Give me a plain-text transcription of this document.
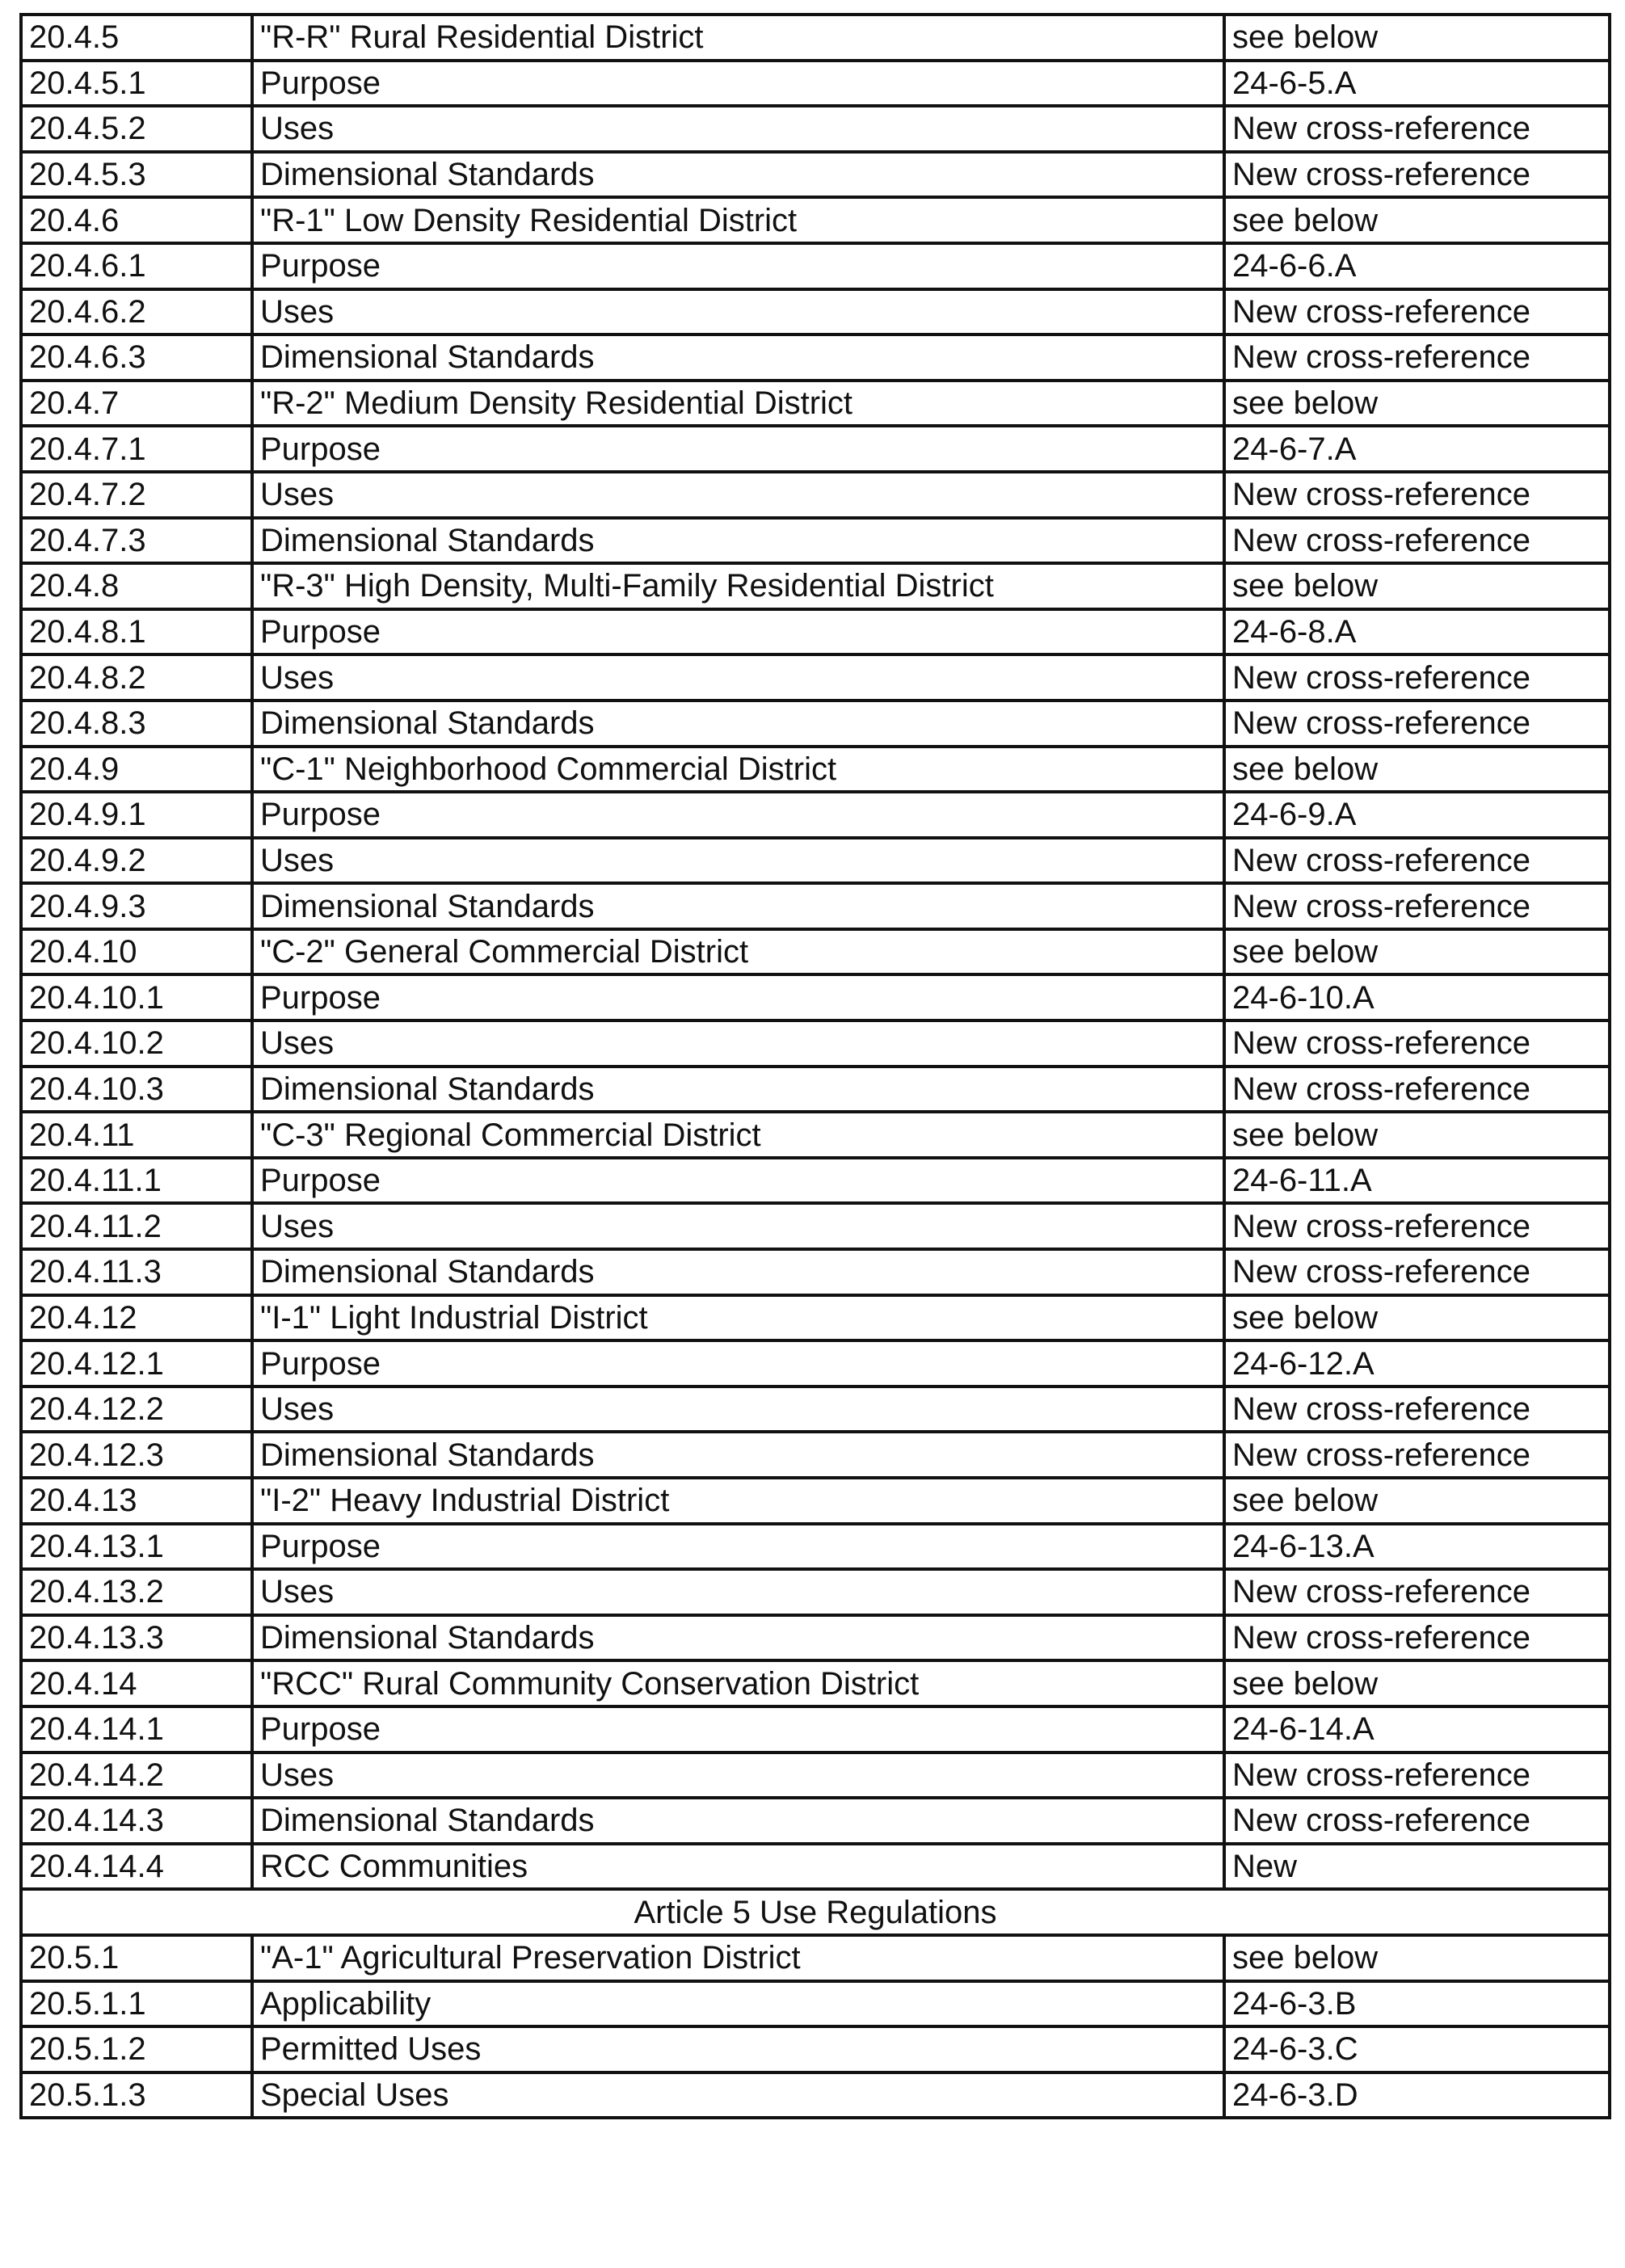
20.4.5	"R-R" Rural Residential District	see below
20.4.5.1	Purpose	24-6-5.A
20.4.5.2	Uses	New cross-reference
20.4.5.3	Dimensional Standards	New cross-reference
20.4.6	"R-1" Low Density Residential District	see below
20.4.6.1	Purpose	24-6-6.A
20.4.6.2	Uses	New cross-reference
20.4.6.3	Dimensional Standards	New cross-reference
20.4.7	"R-2" Medium Density Residential District	see below
20.4.7.1	Purpose	24-6-7.A
20.4.7.2	Uses	New cross-reference
20.4.7.3	Dimensional Standards	New cross-reference
20.4.8	"R-3" High Density, Multi-Family Residential District	see below
20.4.8.1	Purpose	24-6-8.A
20.4.8.2	Uses	New cross-reference
20.4.8.3	Dimensional Standards	New cross-reference
20.4.9	"C-1" Neighborhood Commercial District	see below
20.4.9.1	Purpose	24-6-9.A
20.4.9.2	Uses	New cross-reference
20.4.9.3	Dimensional Standards	New cross-reference
20.4.10	"C-2" General Commercial District	see below
20.4.10.1	Purpose	24-6-10.A
20.4.10.2	Uses	New cross-reference
20.4.10.3	Dimensional Standards	New cross-reference
20.4.11	"C-3" Regional Commercial District	see below
20.4.11.1	Purpose	24-6-11.A
20.4.11.2	Uses	New cross-reference
20.4.11.3	Dimensional Standards	New cross-reference
20.4.12	"I-1" Light Industrial District	see below
20.4.12.1	Purpose	24-6-12.A
20.4.12.2	Uses	New cross-reference
20.4.12.3	Dimensional Standards	New cross-reference
20.4.13	"I-2" Heavy Industrial District	see below
20.4.13.1	Purpose	24-6-13.A
20.4.13.2	Uses	New cross-reference
20.4.13.3	Dimensional Standards	New cross-reference
20.4.14	"RCC" Rural Community Conservation District	see below
20.4.14.1	Purpose	24-6-14.A
20.4.14.2	Uses	New cross-reference
20.4.14.3	Dimensional Standards	New cross-reference
20.4.14.4	RCC Communities	New
Article 5 Use Regulations		
20.5.1	"A-1" Agricultural Preservation District	see below
20.5.1.1	Applicability	24-6-3.B
20.5.1.2	Permitted Uses	24-6-3.C
20.5.1.3	Special Uses	24-6-3.D
